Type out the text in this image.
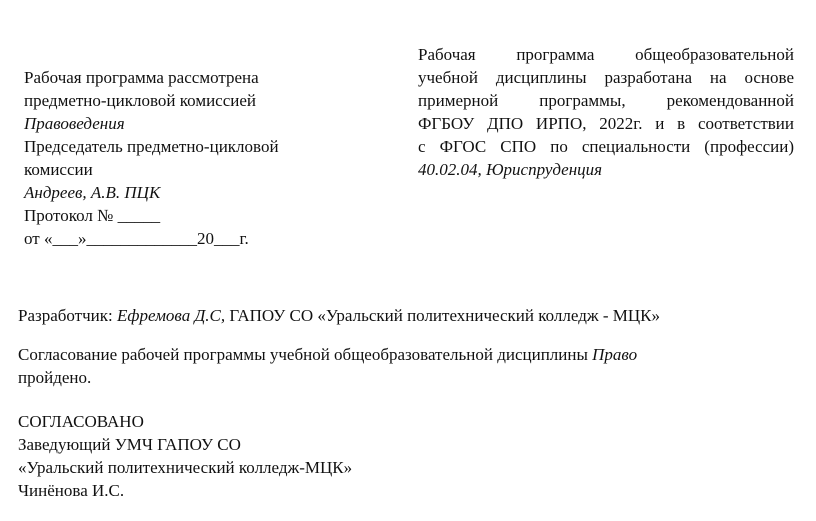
Рабочая программа рассмотрена
предметно-цикловой комиссией
Правоведения
Председатель предметно-цикловой
комиссии
Андреев, А.В. ПЦК
Протокол № _____
от «___»_____________20___г.
Рабочая программа общеобразовательной
учебной дисциплины разработана на основе
примерной программы, рекомендованной
ФГБОУ ДПО ИРПО, 2022г. и в соответствии
с ФГОС СПО по специальности (профессии)
40.02.04, Юриспруденция
Разработчик: Ефремова Д.С, ГАПОУ СО «Уральский политехнический колледж - МЦК»
Согласование рабочей программы учебной общеобразовательной дисциплины Право
пройдено.
СОГЛАСОВАНО
Заведующий УМЧ ГАПОУ СО
«Уральский политехнический колледж-МЦК»
Чинёнова И.С.
